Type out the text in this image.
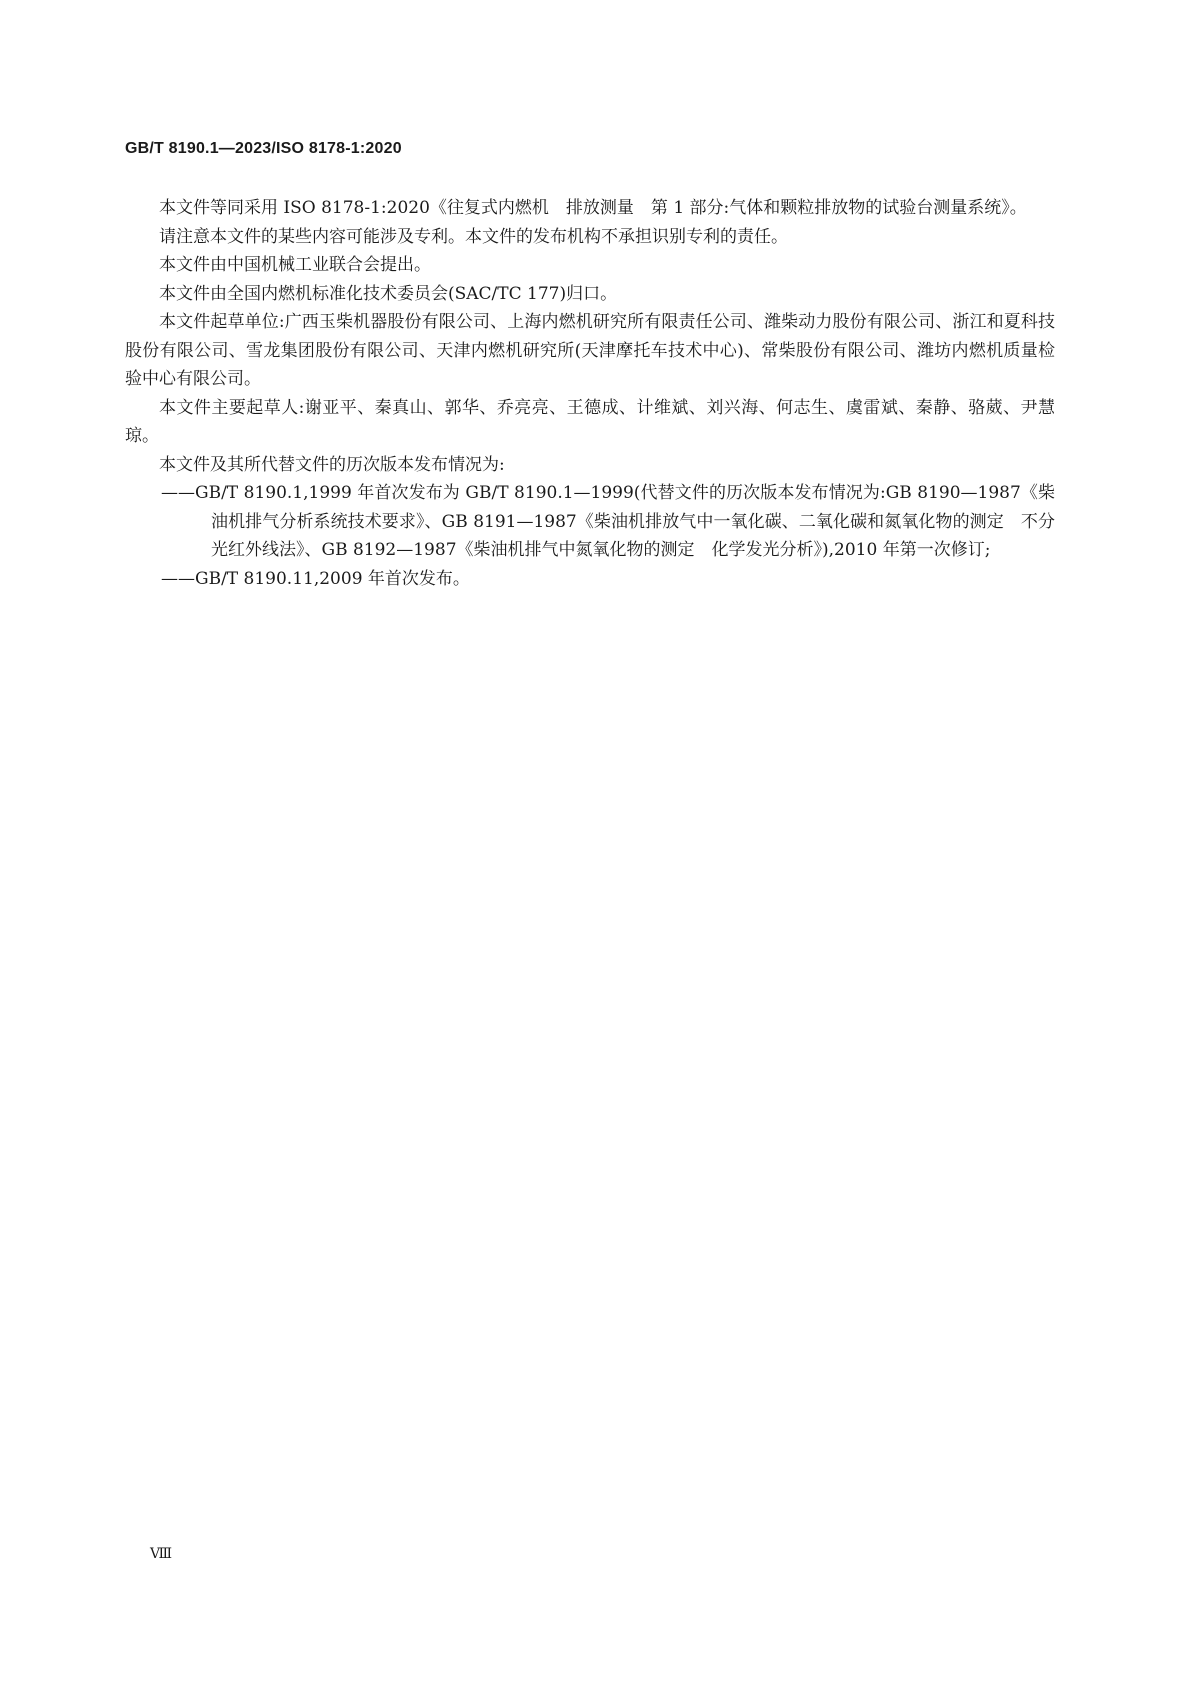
GB/T 8190.1—2023/ISO 8178-1:2020

本文件等同采用 ISO 8178-1:2020《往复式内燃机　排放测量　第 1 部分:气体和颗粒排放物的试验台测量系统》。

请注意本文件的某些内容可能涉及专利。本文件的发布机构不承担识别专利的责任。

本文件由中国机械工业联合会提出。

本文件由全国内燃机标准化技术委员会(SAC/TC 177)归口。

本文件起草单位:广西玉柴机器股份有限公司、上海内燃机研究所有限责任公司、潍柴动力股份有限公司、浙江和夏科技股份有限公司、雪龙集团股份有限公司、天津内燃机研究所(天津摩托车技术中心)、常柴股份有限公司、潍坊内燃机质量检验中心有限公司。

本文件主要起草人:谢亚平、秦真山、郭华、乔亮亮、王德成、计维斌、刘兴海、何志生、虞雷斌、秦静、骆葳、尹慧琼。

本文件及其所代替文件的历次版本发布情况为:

——GB/T 8190.1,1999 年首次发布为 GB/T 8190.1—1999(代替文件的历次版本发布情况为:GB 8190—1987《柴油机排气分析系统技术要求》、GB 8191—1987《柴油机排放气中一氧化碳、二氧化碳和氮氧化物的测定　不分光红外线法》、GB 8192—1987《柴油机排气中氮氧化物的测定　化学发光分析》),2010 年第一次修订;
——GB/T 8190.11,2009 年首次发布。
Ⅷ
